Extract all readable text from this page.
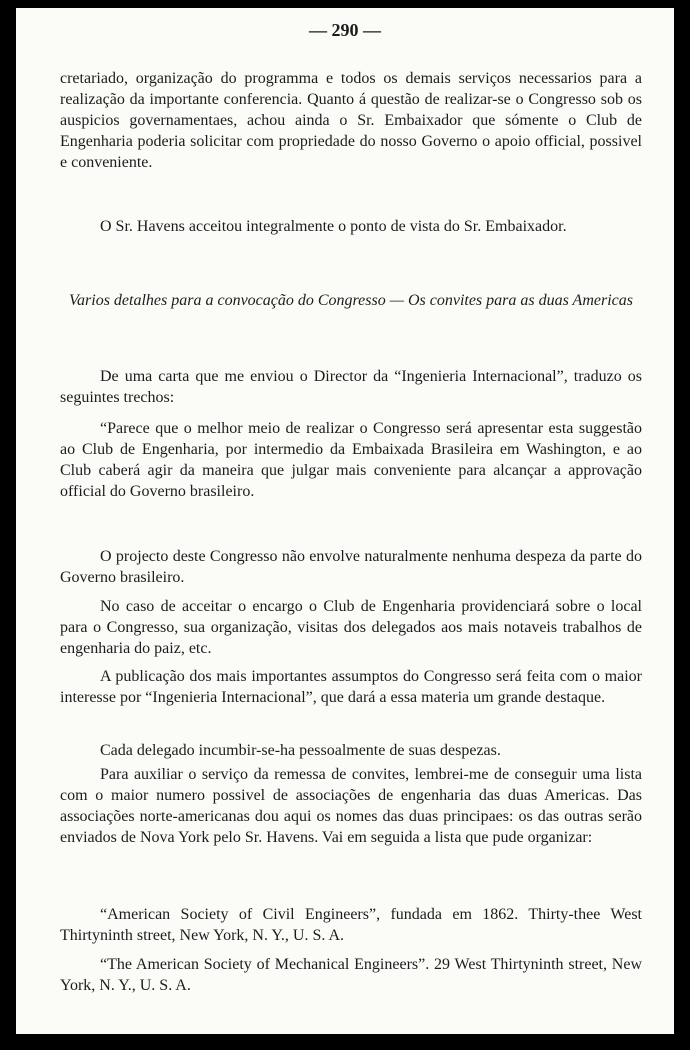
— 290 —

cretariado, organização do programma e todos os demais serviços necessarios para a realização da importante conferencia. Quanto á questão de realizar-se o Congresso sob os auspicios governamentaes, achou ainda o Sr. Embaixador que sómente o Club de Engenharia poderia solicitar com propriedade do nosso Governo o apoio official, possivel e conveniente.

O Sr. Havens acceitou integralmente o ponto de vista do Sr. Embaixador.

Varios detalhes para a convocação do Congresso — Os convites para as duas Americas

De uma carta que me enviou o Director da “Ingenieria Internacional”, traduzo os seguintes trechos:

“Parece que o melhor meio de realizar o Congresso será apresentar esta suggestão ao Club de Engenharia, por intermedio da Embaixada Brasileira em Washington, e ao Club caberá agir da maneira que julgar mais conveniente para alcançar a approvação official do Governo brasileiro.

O projecto deste Congresso não envolve naturalmente nenhuma despeza da parte do Governo brasileiro.

No caso de acceitar o encargo o Club de Engenharia providenciará sobre o local para o Congresso, sua organização, visitas dos delegados aos mais notaveis trabalhos de engenharia do paiz, etc.

A publicação dos mais importantes assumptos do Congresso será feita com o maior interesse por “Ingenieria Internacional”, que dará a essa materia um grande destaque.

Cada delegado incumbir-se-ha pessoalmente de suas despezas.

Para auxiliar o serviço da remessa de convites, lembrei-me de conseguir uma lista com o maior numero possivel de associações de engenharia das duas Americas. Das associações norte-americanas dou aqui os nomes das duas principaes: os das outras serão enviados de Nova York pelo Sr. Havens. Vai em seguida a lista que pude organizar:

“American Society of Civil Engineers”, fundada em 1862. Thirty-thee West Thirtyninth street, New York, N. Y., U. S. A.

“The American Society of Mechanical Engineers”. 29 West Thirtyninth street, New York, N. Y., U. S. A.
